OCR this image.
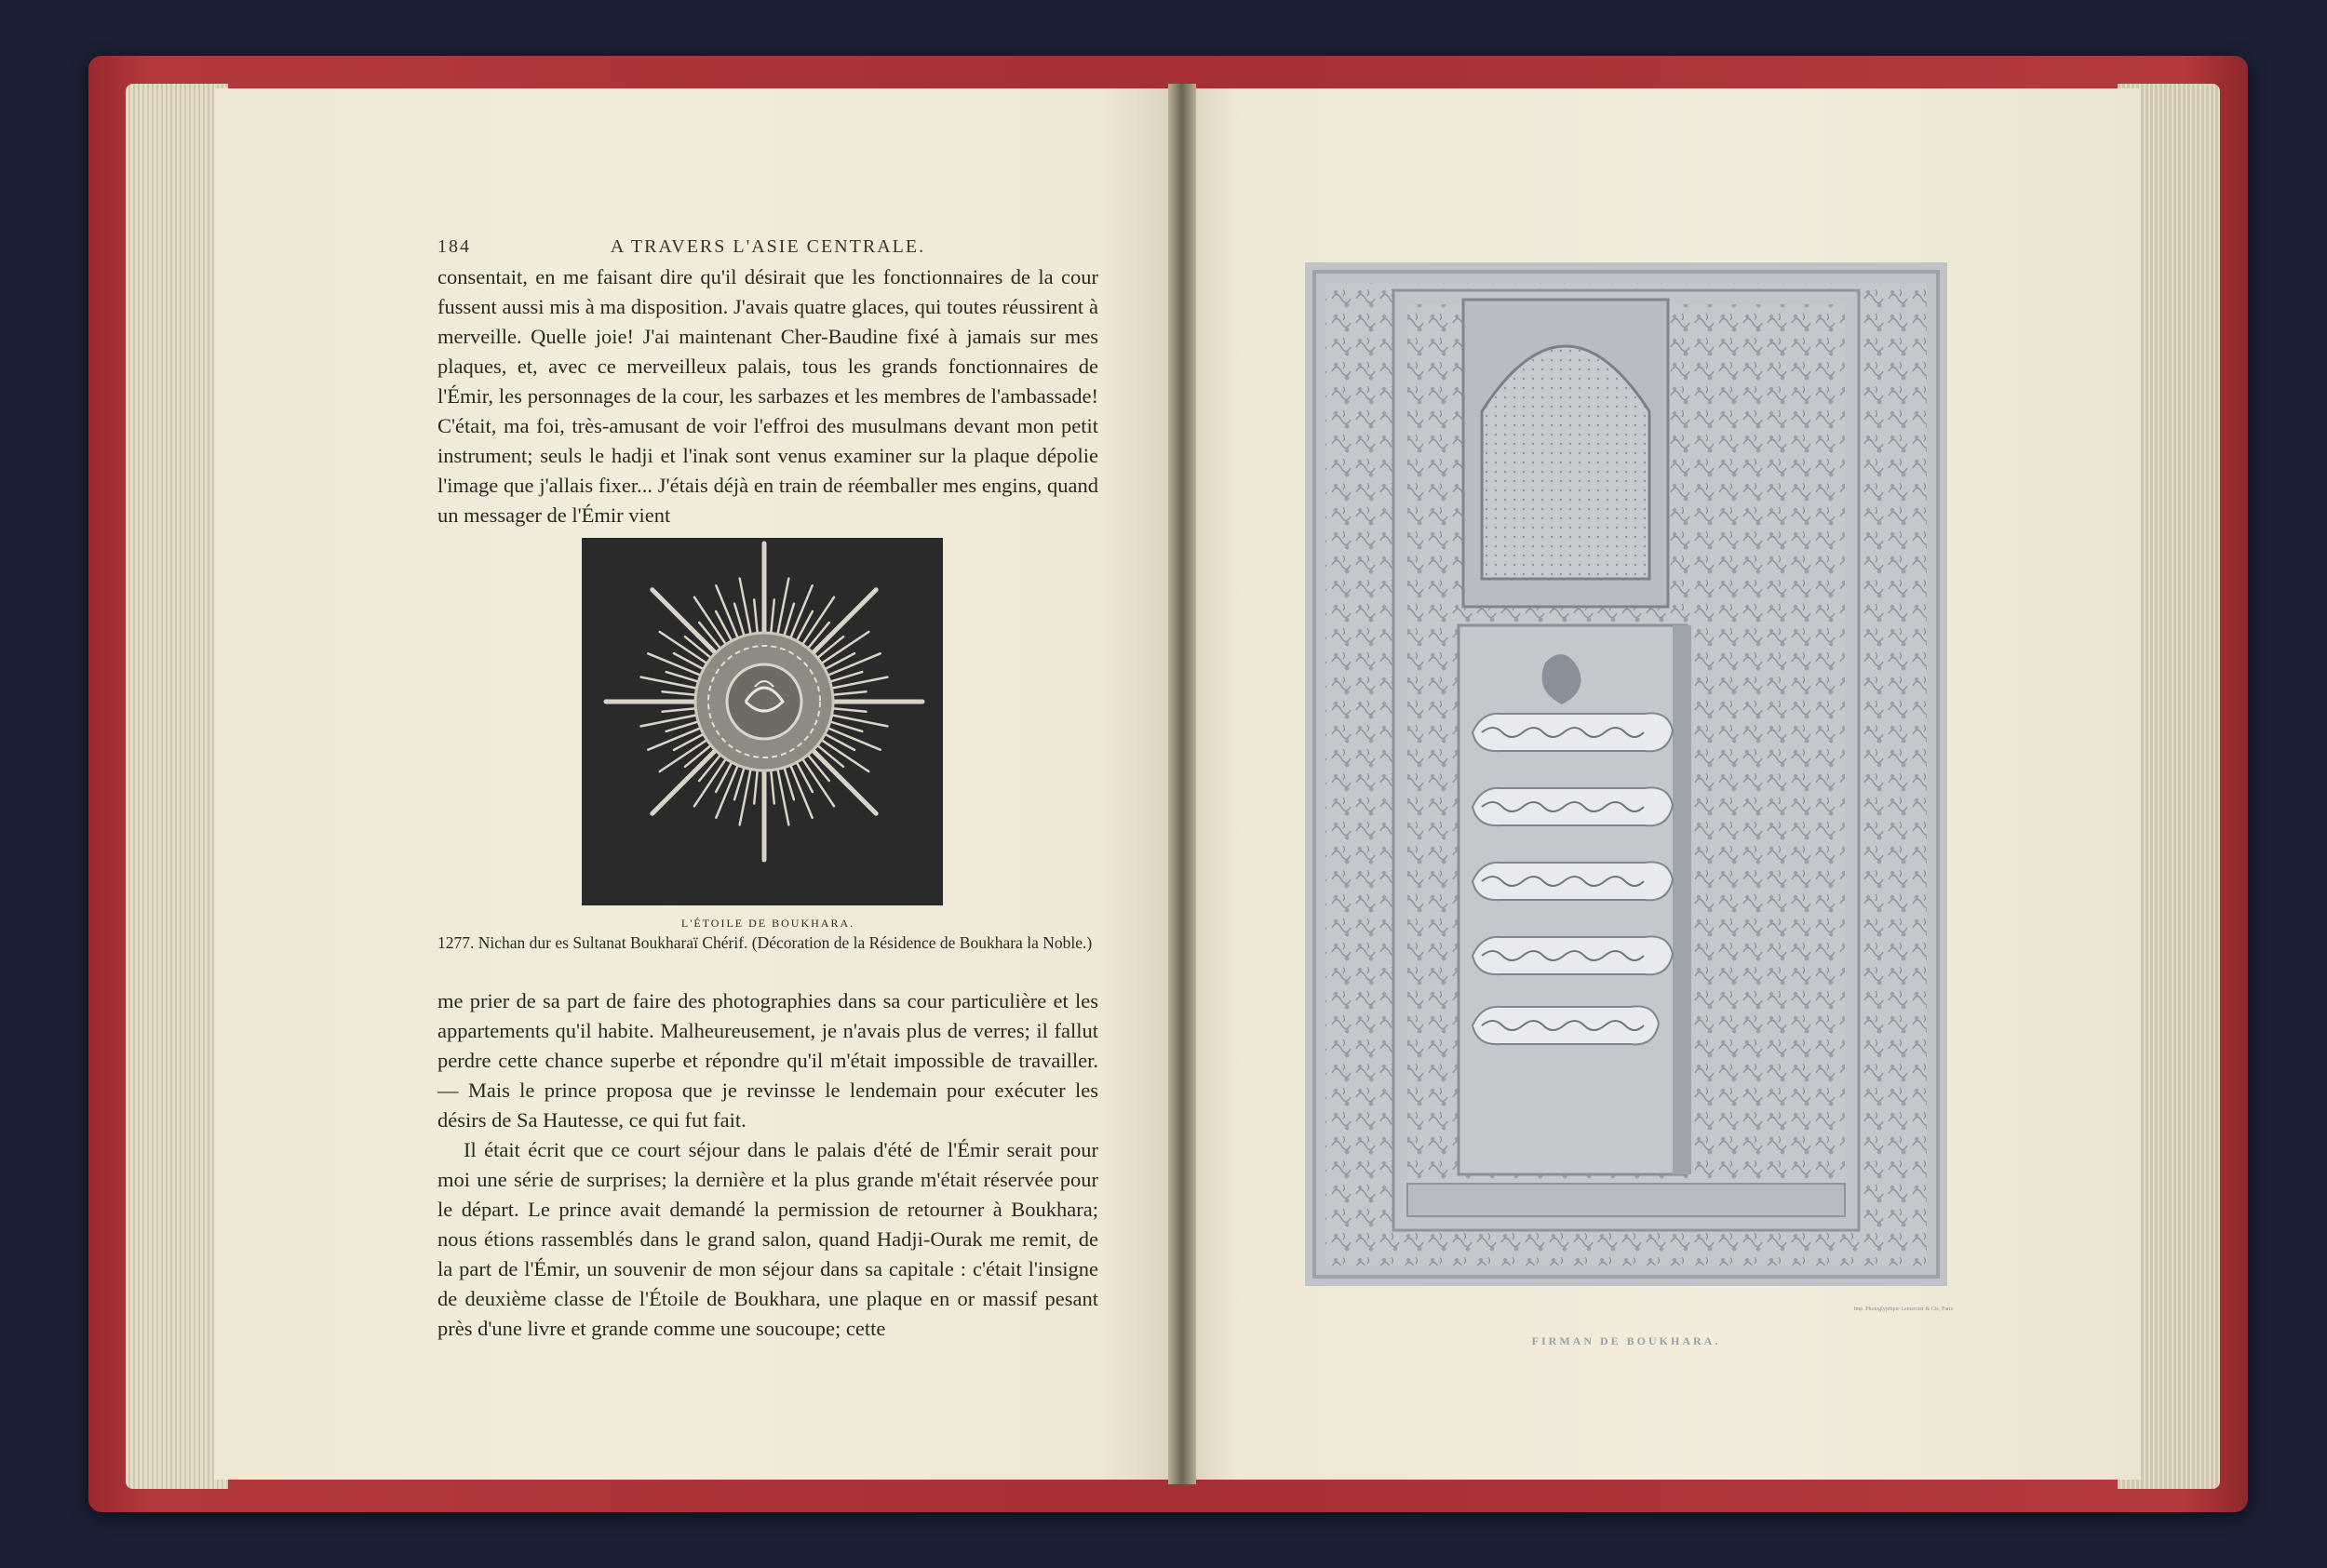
184	A TRAVERS L'ASIE CENTRALE.

consentait, en me faisant dire qu'il désirait que les fonctionnaires de la cour fussent aussi mis à ma disposition. J'avais quatre glaces, qui toutes réussirent à merveille. Quelle joie! J'ai maintenant Cher-Baudine fixé à jamais sur mes plaques, et, avec ce merveilleux palais, tous les grands fonctionnaires de l'Émir, les personnages de la cour, les sarbazes et les membres de l'ambassade! C'était, ma foi, très-amusant de voir l'effroi des musulmans devant mon petit instrument; seuls le hadji et l'inak sont venus examiner sur la plaque dépolie l'image que j'allais fixer... J'étais déjà en train de réemballer mes engins, quand un messager de l'Émir vient

L'ÉTOILE DE BOUKHARA.
1277. Nichan dur es Sultanat Boukharaï Chérif. (Décoration de la Résidence de Boukhara la Noble.)

me prier de sa part de faire des photographies dans sa cour particulière et les appartements qu'il habite. Malheureusement, je n'avais plus de verres; il fallut perdre cette chance superbe et répondre qu'il m'était impossible de travailler. — Mais le prince proposa que je revinsse le lendemain pour exécuter les désirs de Sa Hautesse, ce qui fut fait.

Il était écrit que ce court séjour dans le palais d'été de l'Émir serait pour moi une série de surprises; la dernière et la plus grande m'était réservée pour le départ. Le prince avait demandé la permission de retourner à Boukhara; nous étions rassemblés dans le grand salon, quand Hadji-Ourak me remit, de la part de l'Émir, un souvenir de mon séjour dans sa capitale : c'était l'insigne de deuxième classe de l'Étoile de Boukhara, une plaque en or massif pesant près d'une livre et grande comme une soucoupe; cette

Imp. Photoglyptique Lemercier & Cie, Paris
FIRMAN DE BOUKHARA.
